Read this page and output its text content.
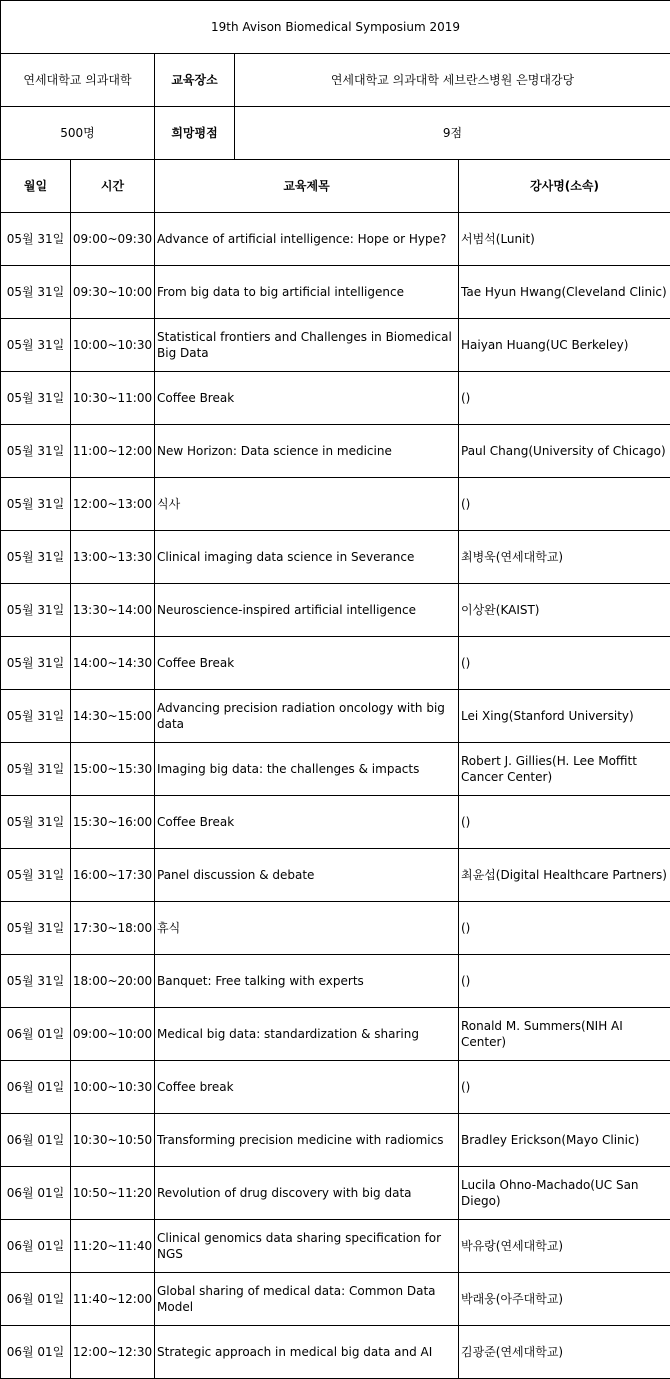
19th Avison Biomedical Symposium 2019				
연세대학교 의과대학		교육장소	연세대학교 의과대학 세브란스병원 은명대강당	
500명		희망평점	9점	
월일	시간	교육제목		강사명(소속)
05월 31일	09:00~09:30	Advance of artificial intelligence: Hope or Hype?		서범석(Lunit)
05월 31일	09:30~10:00	From big data to big artificial intelligence		Tae Hyun Hwang(Cleveland Clinic)
05월 31일	10:00~10:30	Statistical frontiers and Challenges in Biomedical Big Data		Haiyan Huang(UC Berkeley)
05월 31일	10:30~11:00	Coffee Break		()
05월 31일	11:00~12:00	New Horizon: Data science in medicine		Paul Chang(University of Chicago)
05월 31일	12:00~13:00	식사		()
05월 31일	13:00~13:30	Clinical imaging data science in Severance		최병욱(연세대학교)
05월 31일	13:30~14:00	Neuroscience-inspired artificial intelligence		이상완(KAIST)
05월 31일	14:00~14:30	Coffee Break		()
05월 31일	14:30~15:00	Advancing precision radiation oncology with big data		Lei Xing(Stanford University)
05월 31일	15:00~15:30	Imaging big data: the challenges & impacts		Robert J. Gillies(H. Lee Moffitt Cancer Center)
05월 31일	15:30~16:00	Coffee Break		()
05월 31일	16:00~17:30	Panel discussion & debate		최윤섭(Digital Healthcare Partners)
05월 31일	17:30~18:00	휴식		()
05월 31일	18:00~20:00	Banquet: Free talking with experts		()
06월 01일	09:00~10:00	Medical big data: standardization & sharing		Ronald M. Summers(NIH AI Center)
06월 01일	10:00~10:30	Coffee break		()
06월 01일	10:30~10:50	Transforming precision medicine with radiomics		Bradley Erickson(Mayo Clinic)
06월 01일	10:50~11:20	Revolution of drug discovery with big data		Lucila Ohno-Machado(UC San Diego)
06월 01일	11:20~11:40	Clinical genomics data sharing specification for NGS		박유랑(연세대학교)
06월 01일	11:40~12:00	Global sharing of medical data: Common Data Model		박래웅(아주대학교)
06월 01일	12:00~12:30	Strategic approach in medical big data and AI		김광준(연세대학교)
